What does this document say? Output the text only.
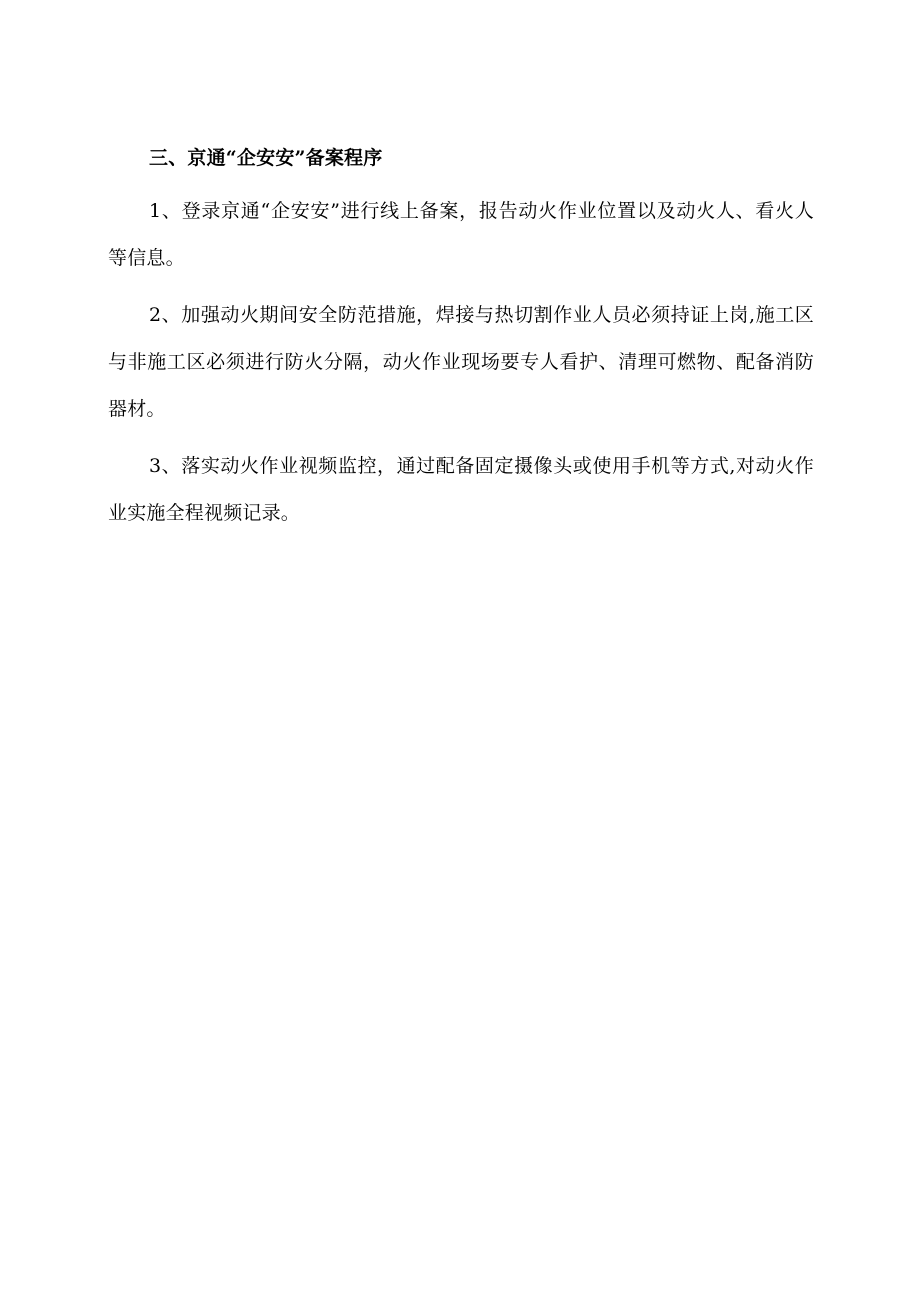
三、京通“企安安”备案程序

1、登录京通“企安安”进行线上备案，报告动火作业位置以及动火人、看火人等信息。

2、加强动火期间安全防范措施，焊接与热切割作业人员必须持证上岗,施工区与非施工区必须进行防火分隔，动火作业现场要专人看护、清理可燃物、配备消防器材。

3、落实动火作业视频监控，通过配备固定摄像头或使用手机等方式,对动火作业实施全程视频记录。
